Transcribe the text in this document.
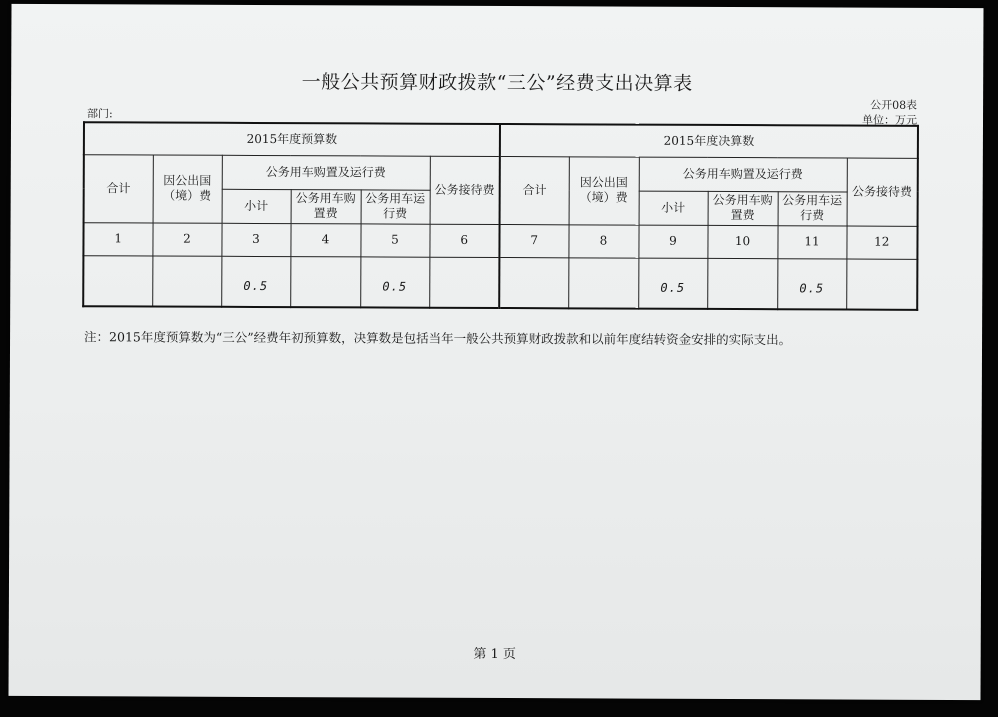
一般公共预算财政拨款“三公”经费支出决算表
部门:
公开08表
单位：万元
2015年度预算数						2015年度决算数					
合计	因公出国（境）费	公务用车购置及运行费			公务接待费	合计	因公出国（境）费	公务用车购置及运行费			公务接待费
		小计	公务用车购置费	公务用车运行费				小计	公务用车购置费	公务用车运行费	
1	2	3	4	5	6	7	8	9	10	11	12
		0.5		0.5				0.5		0.5	
注：2015年度预算数为“三公”经费年初预算数，决算数是包括当年一般公共预算财政拨款和以前年度结转资金安排的实际支出。
第 1 页
